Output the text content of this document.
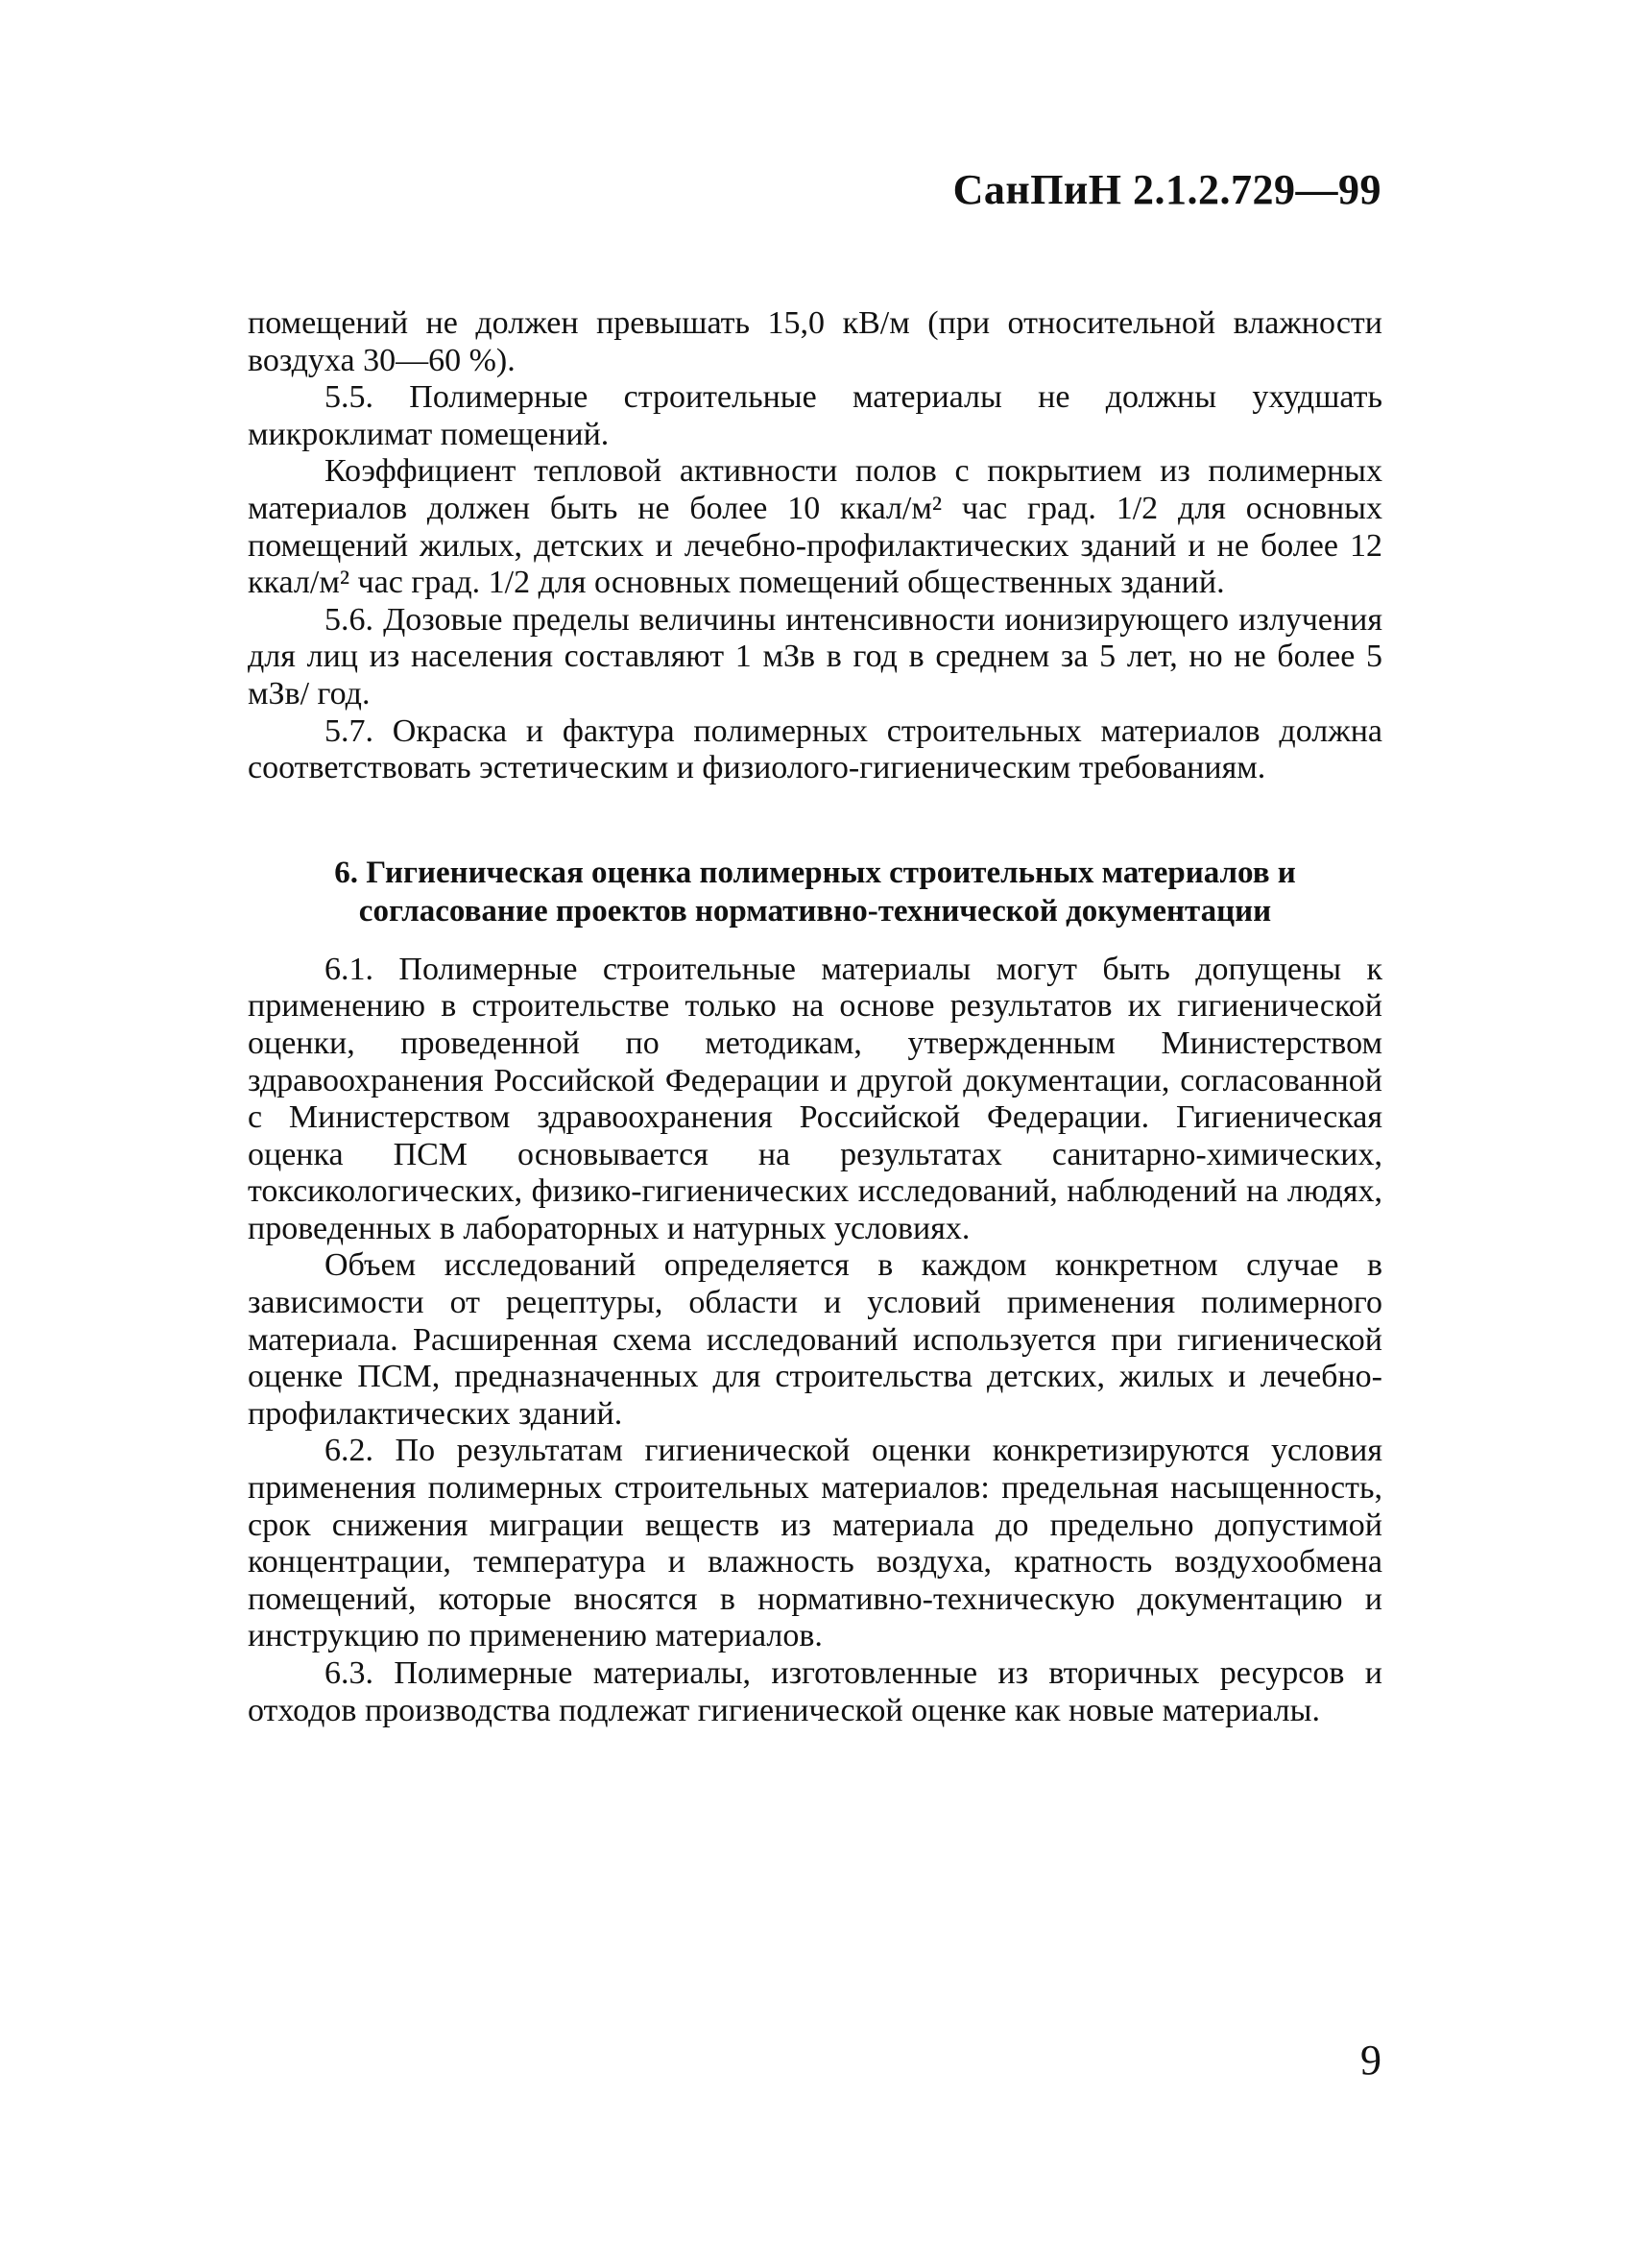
СанПиН 2.1.2.729—99

помещений не должен превышать 15,0 кВ/м (при относительной влажности воздуха 30—60 %).

5.5. Полимерные строительные материалы не должны ухудшать микроклимат помещений.

Коэффициент тепловой активности полов с покрытием из полимерных материалов должен быть не более 10 ккал/м² час град. 1/2 для основных помещений жилых, детских и лечебно-профилактических зданий и не более 12 ккал/м² час град. 1/2 для основных помещений общественных зданий.

5.6. Дозовые пределы величины интенсивности ионизирующего излучения для лиц из населения составляют 1 мЗв в год в среднем за 5 лет, но не более 5 мЗв/ год.

5.7. Окраска и фактура полимерных строительных материалов должна соответствовать эстетическим и физиолого-гигиеническим требованиям.

6. Гигиеническая оценка полимерных строительных материалов и
согласование проектов нормативно-технической документации

6.1. Полимерные строительные материалы могут быть допущены к применению в строительстве только на основе результатов их гигиенической оценки, проведенной по методикам, утвержденным Министерством здравоохранения Российской Федерации и другой документации, согласованной с Министерством здравоохранения Российской Федерации. Гигиеническая оценка ПСМ основывается на результатах санитарно-химических, токсикологических, физико-гигиенических исследований, наблюдений на людях, проведенных в лабораторных и натурных условиях.

Объем исследований определяется в каждом конкретном случае в зависимости от рецептуры, области и условий применения полимерного материала. Расширенная схема исследований используется при гигиенической оценке ПСМ, предназначенных для строительства детских, жилых и лечебно-профилактических зданий.

6.2. По результатам гигиенической оценки конкретизируются условия применения полимерных строительных материалов: предельная насыщенность, срок снижения миграции веществ из материала до предельно допустимой концентрации, температура и влажность воздуха, кратность воздухообмена помещений, которые вносятся в нормативно-техническую документацию и инструкцию по применению материалов.

6.3. Полимерные материалы, изготовленные из вторичных ресурсов и отходов производства подлежат гигиенической оценке как новые материалы.

9
